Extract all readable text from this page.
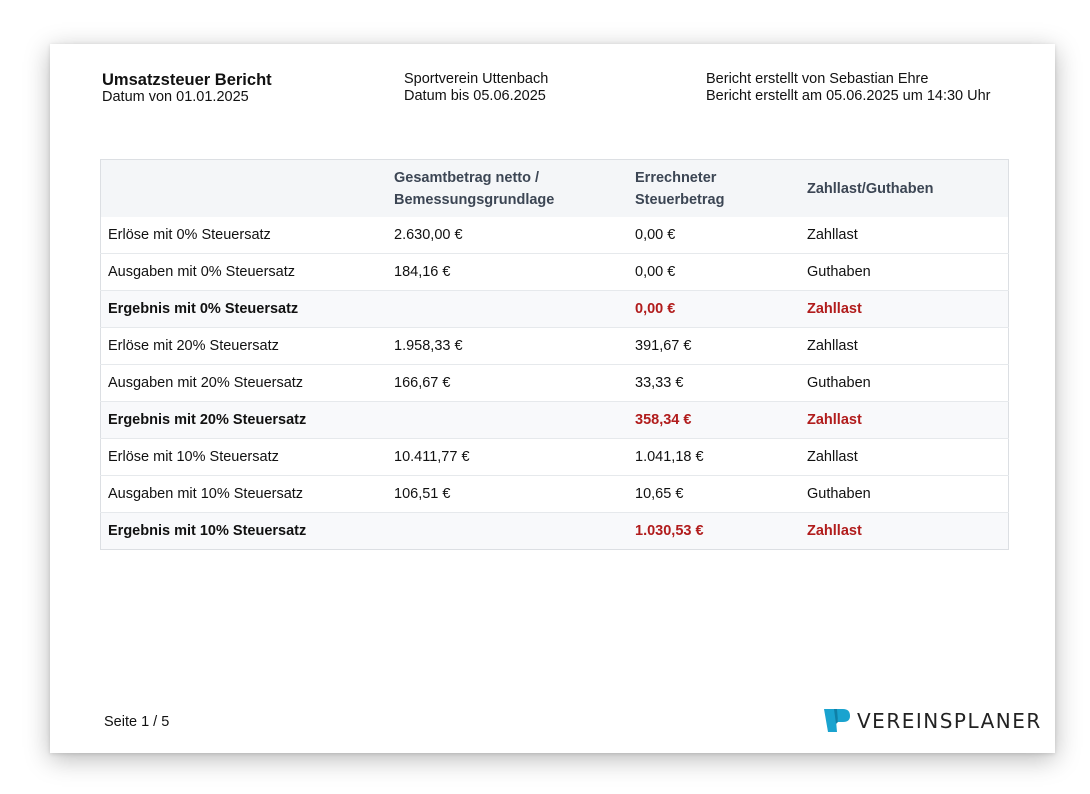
Umsatzsteuer Bericht
Datum von 01.01.2025
Sportverein Uttenbach
Datum bis 05.06.2025
Bericht erstellt von Sebastian Ehre
Bericht erstellt am 05.06.2025 um 14:30 Uhr
	Gesamtbetrag netto / Bemessungsgrundlage	Errechneter Steuerbetrag	Zahllast/Guthaben
Erlöse mit 0% Steuersatz	2.630,00 €	0,00 €	Zahllast
Ausgaben mit 0% Steuersatz	184,16 €	0,00 €	Guthaben
Ergebnis mit 0% Steuersatz		0,00 €	Zahllast
Erlöse mit 20% Steuersatz	1.958,33 €	391,67 €	Zahllast
Ausgaben mit 20% Steuersatz	166,67 €	33,33 €	Guthaben
Ergebnis mit 20% Steuersatz		358,34 €	Zahllast
Erlöse mit 10% Steuersatz	10.411,77 €	1.041,18 €	Zahllast
Ausgaben mit 10% Steuersatz	106,51 €	10,65 €	Guthaben
Ergebnis mit 10% Steuersatz		1.030,53 €	Zahllast
Seite 1 / 5	VEREINSPLANER
